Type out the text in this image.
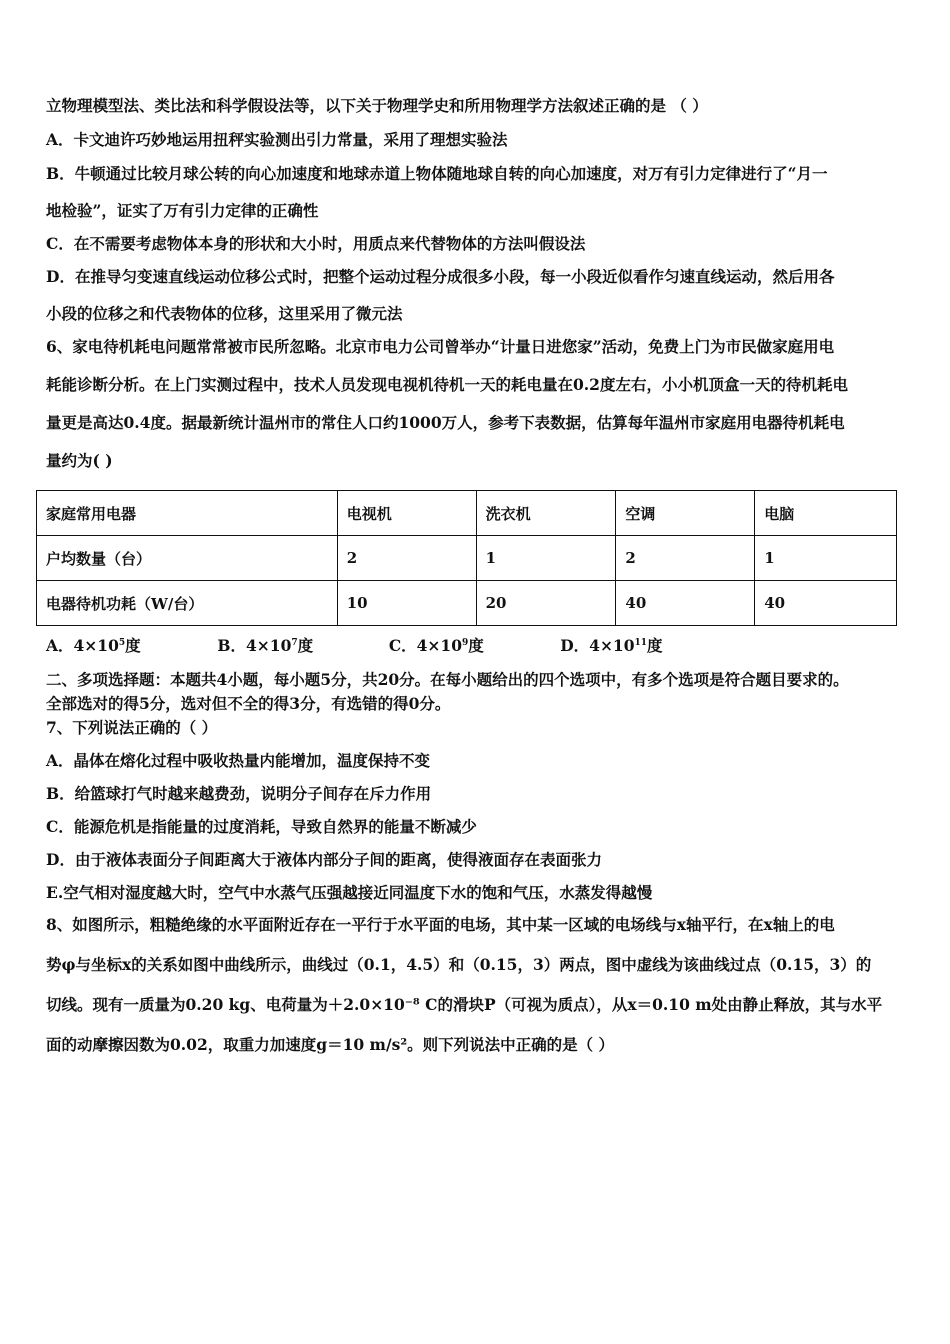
立物理模型法、类比法和科学假设法等，以下关于物理学史和所用物理学方法叙述正确的是 （ ）
A．卡文迪许巧妙地运用扭秤实验测出引力常量，采用了理想实验法
B．牛顿通过比较月球公转的向心加速度和地球赤道上物体随地球自转的向心加速度，对万有引力定律进行了“月一
地检验”，证实了万有引力定律的正确性
C．在不需要考虑物体本身的形状和大小时，用质点来代替物体的方法叫假设法
D．在推导匀变速直线运动位移公式时，把整个运动过程分成很多小段，每一小段近似看作匀速直线运动，然后用各
小段的位移之和代表物体的位移，这里采用了微元法
6、家电待机耗电问题常常被市民所忽略。北京市电力公司曾举办“计量日进您家”活动，免费上门为市民做家庭用电
耗能诊断分析。在上门实测过程中，技术人员发现电视机待机一天的耗电量在0.2度左右，小小机顶盒一天的待机耗电
量更是高达0.4度。据最新统计温州市的常住人口约1000万人，参考下表数据，估算每年温州市家庭用电器待机耗电
量约为( )
家庭常用电器	电视机	洗衣机	空调	电脑
户均数量（台）	2	1	2	1
电器待机功耗（W/台）	10	20	40	40
A．$4\times 10^5$度	B．$4\times 10^7$度	C．$4\times 10^9$度	D．$4\times 10^{11}$度
二、多项选择题：本题共4小题，每小题5分，共20分。在每小题给出的四个选项中，有多个选项是符合题目要求的。
全部选对的得5分，选对但不全的得3分，有选错的得0分。
7、下列说法正确的（ ）
A．晶体在熔化过程中吸收热量内能增加，温度保持不变
B．给篮球打气时越来越费劲，说明分子间存在斥力作用
C．能源危机是指能量的过度消耗，导致自然界的能量不断减少
D．由于液体表面分子间距离大于液体内部分子间的距离，使得液面存在表面张力
E.空气相对湿度越大时，空气中水蒸气压强越接近同温度下水的饱和气压，水蒸发得越慢
8、如图所示，粗糙绝缘的水平面附近存在一平行于水平面的电场，其中某一区域的电场线与x轴平行，在x轴上的电
势φ与坐标x的关系如图中曲线所示，曲线过（0.1，4.5）和（0.15，3）两点，图中虚线为该曲线过点（0.15，3）的
切线。现有一质量为0.20 kg、电荷量为＋2.0×10⁻⁸ C的滑块P（可视为质点），从x＝0.10 m处由静止释放，其与水平
面的动摩擦因数为0.02，取重力加速度g＝10 m/s²。则下列说法中正确的是（ ）
